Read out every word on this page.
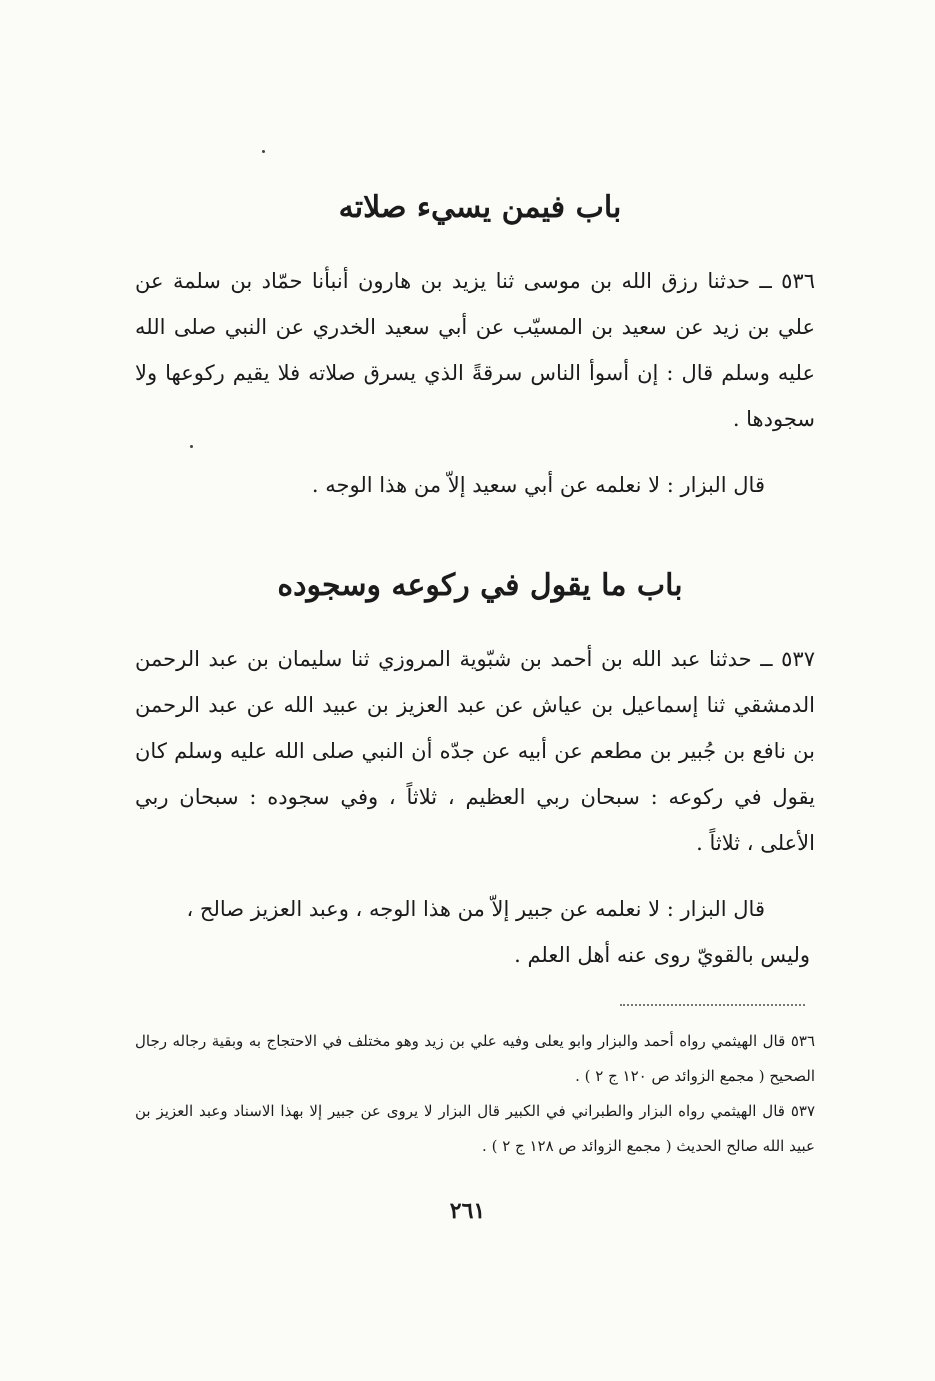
باب فيمن يسيء صلاته
٥٣٦ ــ حدثنا رزق الله بن موسى ثنا يزيد بن هارون أنبأنا حمّاد بن سلمة عن علي بن زيد عن سعيد بن المسيّب عن أبي سعيد الخدري عن النبي صلى الله عليه وسلم قال : إن أسوأ الناس سرقةً الذي يسرق صلاته فلا يقيم ركوعها ولا سجودها .
قال البزار : لا نعلمه عن أبي سعيد إلاّ من هذا الوجه .
باب ما يقول في ركوعه وسجوده
٥٣٧ ــ حدثنا عبد الله بن أحمد بن شبّوية المروزي ثنا سليمان بن عبد الرحمن الدمشقي ثنا إسماعيل بن عياش عن عبد العزيز بن عبيد الله عن عبد الرحمن بن نافع بن جُبير بن مطعم عن أبيه عن جدّه أن النبي صلى الله عليه وسلم كان يقول في ركوعه : سبحان ربي العظيم ، ثلاثاً ، وفي سجوده : سبحان ربي الأعلى ، ثلاثاً .
قال البزار : لا نعلمه عن جبير إلاّ من هذا الوجه ، وعبد العزيز صالح ، وليس بالقويّ روى عنه أهل العلم .

٥٣٦ قال الهيثمي رواه أحمد والبزار وابو يعلى وفيه علي بن زيد وهو مختلف في الاحتجاج به وبقية رجاله رجال الصحيح ( مجمع الزوائد ص ١٢٠ ج ٢ ) .

٥٣٧ قال الهيثمي رواه البزار والطبراني في الكبير قال البزار لا يروى عن جبير إلا بهذا الاسناد وعبد العزيز بن عبيد الله صالح الحديث ( مجمع الزوائد ص ١٢٨ ج ٢ ) .

٢٦١
